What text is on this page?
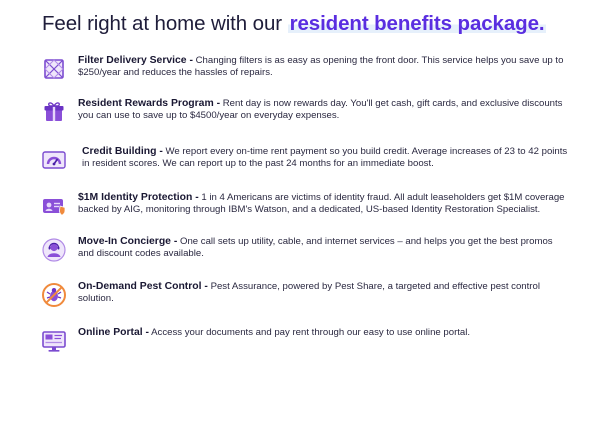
Feel right at home with our resident benefits package.
Filter Delivery Service - Changing filters is as easy as opening the front door. This service helps you save up to $250/year and reduces the hassles of repairs.
Resident Rewards Program - Rent day is now rewards day. You'll get cash, gift cards, and exclusive discounts you can use to save up to $4500/year on everyday expenses.
Credit Building - We report every on-time rent payment so you build credit. Average increases of 23 to 42 points in resident scores. We can report up to the past 24 months for an immediate boost.
$1M Identity Protection - 1 in 4 Americans are victims of identity fraud. All adult leaseholders get $1M coverage backed by AIG, monitoring through IBM's Watson, and a dedicated, US-based Identity Restoration Specialist.
Move-In Concierge - One call sets up utility, cable, and internet services – and helps you get the best promos and discount codes available.
On-Demand Pest Control - Pest Assurance, powered by Pest Share, a targeted and effective pest control solution.
Online Portal - Access your documents and pay rent through our easy to use online portal.
